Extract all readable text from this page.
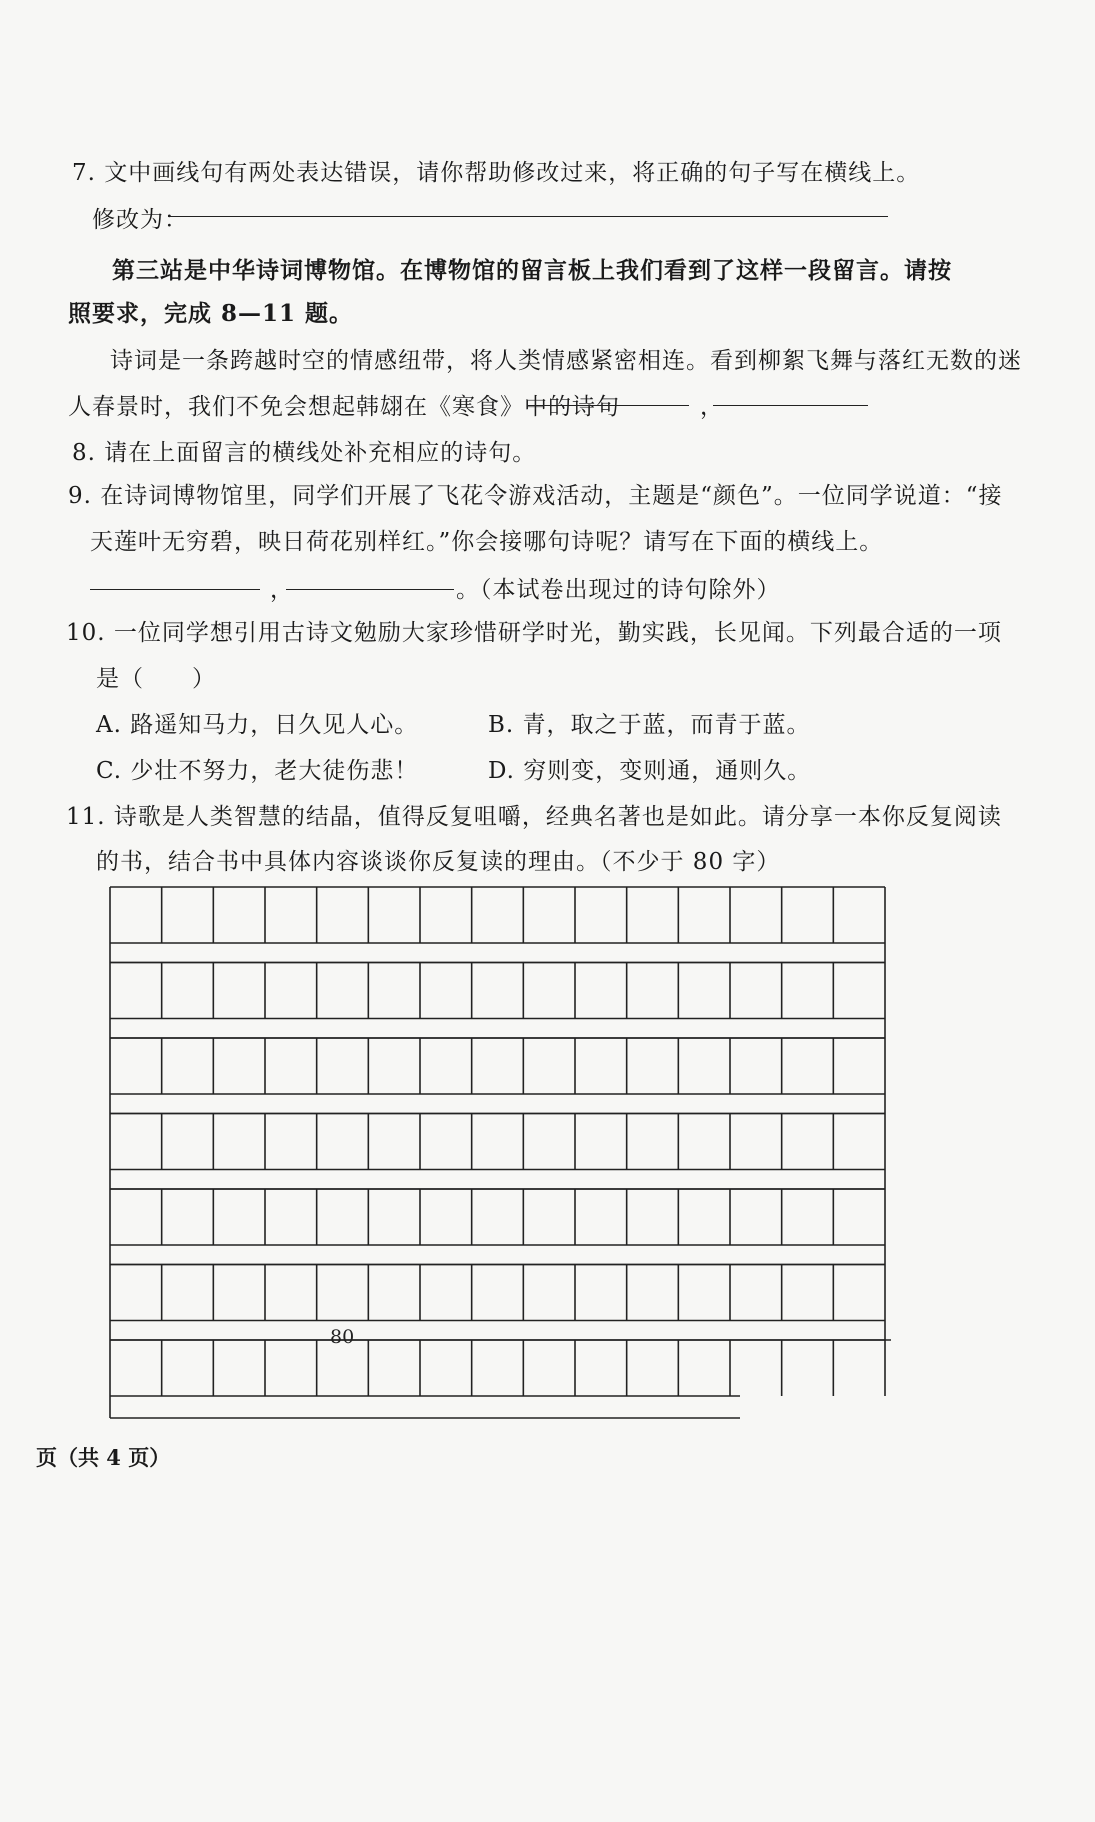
7. 文中画线句有两处表达错误，请你帮助修改过来，将正确的句子写在横线上。
修改为：
第三站是中华诗词博物馆。在博物馆的留言板上我们看到了这样一段留言。请按
照要求，完成 8—11 题。
诗词是一条跨越时空的情感纽带，将人类情感紧密相连。看到柳絮飞舞与落红无数的迷
人春景时，我们不免会想起韩翃在《寒食》中的诗句	，
8. 请在上面留言的横线处补充相应的诗句。
9. 在诗词博物馆里，同学们开展了飞花令游戏活动，主题是“颜色”。一位同学说道：“接
天莲叶无穷碧，映日荷花别样红。”你会接哪句诗呢？请写在下面的横线上。
，	。（本试卷出现过的诗句除外）
10. 一位同学想引用古诗文勉励大家珍惜研学时光，勤实践，长见闻。下列最合适的一项
是（　　）
A. 路遥知马力，日久见人心。	B. 青，取之于蓝，而青于蓝。
C. 少壮不努力，老大徒伤悲！	D. 穷则变，变则通，通则久。
11. 诗歌是人类智慧的结晶，值得反复咀嚼，经典名著也是如此。请分享一本你反复阅读
的书，结合书中具体内容谈谈你反复读的理由。（不少于 80 字）
80
页（共 4 页）
